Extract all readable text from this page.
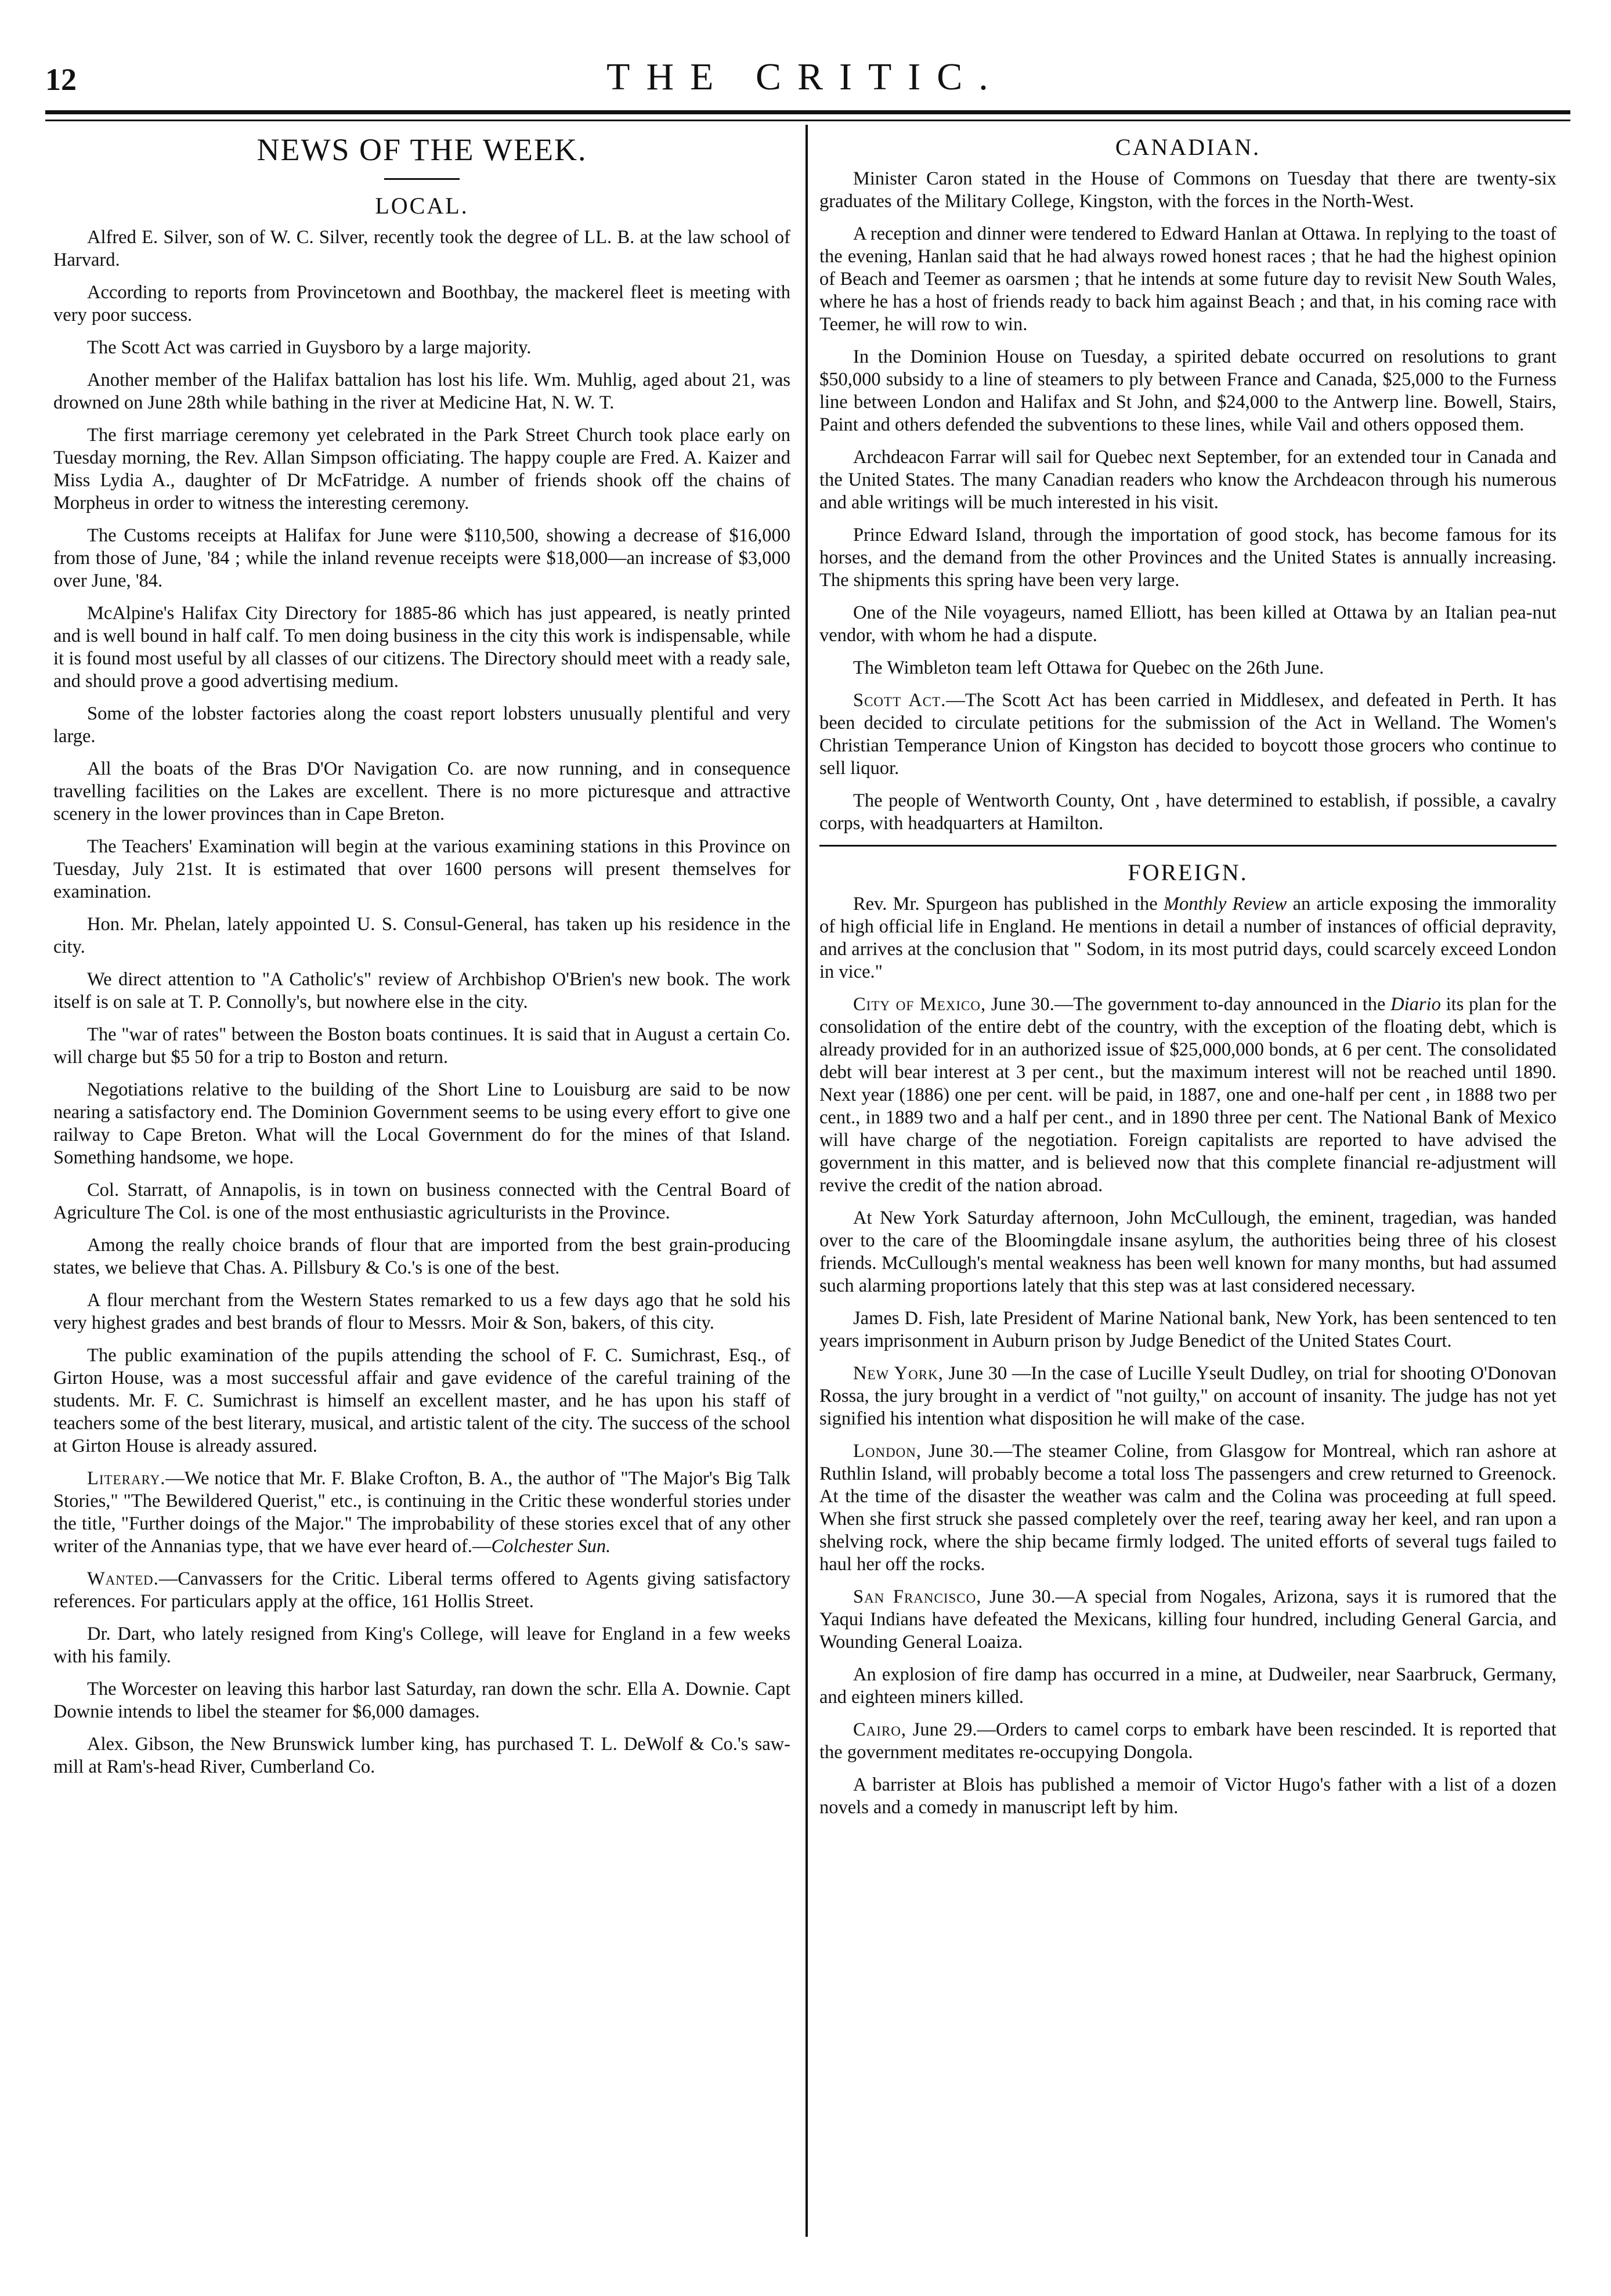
12	THE CRITIC.
NEWS OF THE WEEK.
LOCAL.

Alfred E. Silver, son of W. C. Silver, recently took the degree of LL. B. at the law school of Harvard.

According to reports from Provincetown and Boothbay, the mackerel fleet is meeting with very poor success.

The Scott Act was carried in Guysboro by a large majority.

Another member of the Halifax battalion has lost his life. Wm. Muhlig, aged about 21, was drowned on June 28th while bathing in the river at Medicine Hat, N. W. T.

The first marriage ceremony yet celebrated in the Park Street Church took place early on Tuesday morning, the Rev. Allan Simpson officiating. The happy couple are Fred. A. Kaizer and Miss Lydia A., daughter of Dr McFatridge. A number of friends shook off the chains of Morpheus in order to witness the interesting ceremony.

The Customs receipts at Halifax for June were $110,500, showing a decrease of $16,000 from those of June, '84 ; while the inland revenue receipts were $18,000—an increase of $3,000 over June, '84.

McAlpine's Halifax City Directory for 1885-86 which has just appeared, is neatly printed and is well bound in half calf. To men doing business in the city this work is indispensable, while it is found most useful by all classes of our citizens. The Directory should meet with a ready sale, and should prove a good advertising medium.

Some of the lobster factories along the coast report lobsters unusually plentiful and very large.

All the boats of the Bras D'Or Navigation Co. are now running, and in consequence travelling facilities on the Lakes are excellent. There is no more picturesque and attractive scenery in the lower provinces than in Cape Breton.

The Teachers' Examination will begin at the various examining stations in this Province on Tuesday, July 21st. It is estimated that over 1600 persons will present themselves for examination.

Hon. Mr. Phelan, lately appointed U. S. Consul-General, has taken up his residence in the city.

We direct attention to "A Catholic's" review of Archbishop O'Brien's new book. The work itself is on sale at T. P. Connolly's, but nowhere else in the city.

The "war of rates" between the Boston boats continues. It is said that in August a certain Co. will charge but $5 50 for a trip to Boston and return.

Negotiations relative to the building of the Short Line to Louisburg are said to be now nearing a satisfactory end. The Dominion Government seems to be using every effort to give one railway to Cape Breton. What will the Local Government do for the mines of that Island. Something handsome, we hope.

Col. Starratt, of Annapolis, is in town on business connected with the Central Board of Agriculture The Col. is one of the most enthusiastic agriculturists in the Province.

Among the really choice brands of flour that are imported from the best grain-producing states, we believe that Chas. A. Pillsbury & Co.'s is one of the best.

A flour merchant from the Western States remarked to us a few days ago that he sold his very highest grades and best brands of flour to Messrs. Moir & Son, bakers, of this city.

The public examination of the pupils attending the school of F. C. Sumichrast, Esq., of Girton House, was a most successful affair and gave evidence of the careful training of the students. Mr. F. C. Sumichrast is himself an excellent master, and he has upon his staff of teachers some of the best literary, musical, and artistic talent of the city. The success of the school at Girton House is already assured.

Literary.—We notice that Mr. F. Blake Crofton, B. A., the author of "The Major's Big Talk Stories," "The Bewildered Querist," etc., is continuing in the Critic these wonderful stories under the title, "Further doings of the Major." The improbability of these stories excel that of any other writer of the Annanias type, that we have ever heard of.—Colchester Sun.

Wanted.—Canvassers for the Critic. Liberal terms offered to Agents giving satisfactory references. For particulars apply at the office, 161 Hollis Street.

Dr. Dart, who lately resigned from King's College, will leave for England in a few weeks with his family.

The Worcester on leaving this harbor last Saturday, ran down the schr. Ella A. Downie. Capt Downie intends to libel the steamer for $6,000 damages.

Alex. Gibson, the New Brunswick lumber king, has purchased T. L. DeWolf & Co.'s saw-mill at Ram's-head River, Cumberland Co.

CANADIAN.

Minister Caron stated in the House of Commons on Tuesday that there are twenty-six graduates of the Military College, Kingston, with the forces in the North-West.

A reception and dinner were tendered to Edward Hanlan at Ottawa. In replying to the toast of the evening, Hanlan said that he had always rowed honest races ; that he had the highest opinion of Beach and Teemer as oarsmen ; that he intends at some future day to revisit New South Wales, where he has a host of friends ready to back him against Beach ; and that, in his coming race with Teemer, he will row to win.

In the Dominion House on Tuesday, a spirited debate occurred on resolutions to grant $50,000 subsidy to a line of steamers to ply between France and Canada, $25,000 to the Furness line between London and Halifax and St John, and $24,000 to the Antwerp line. Bowell, Stairs, Paint and others defended the subventions to these lines, while Vail and others opposed them.

Archdeacon Farrar will sail for Quebec next September, for an extended tour in Canada and the United States. The many Canadian readers who know the Archdeacon through his numerous and able writings will be much interested in his visit.

Prince Edward Island, through the importation of good stock, has become famous for its horses, and the demand from the other Provinces and the United States is annually increasing. The shipments this spring have been very large.

One of the Nile voyageurs, named Elliott, has been killed at Ottawa by an Italian pea-nut vendor, with whom he had a dispute.

The Wimbleton team left Ottawa for Quebec on the 26th June.

Scott Act.—The Scott Act has been carried in Middlesex, and defeated in Perth. It has been decided to circulate petitions for the submission of the Act in Welland. The Women's Christian Temperance Union of Kingston has decided to boycott those grocers who continue to sell liquor.

The people of Wentworth County, Ont , have determined to establish, if possible, a cavalry corps, with headquarters at Hamilton.

FOREIGN.

Rev. Mr. Spurgeon has published in the Monthly Review an article exposing the immorality of high official life in England. He mentions in detail a number of instances of official depravity, and arrives at the conclusion that " Sodom, in its most putrid days, could scarcely exceed London in vice."

City of Mexico, June 30.—The government to-day announced in the Diario its plan for the consolidation of the entire debt of the country, with the exception of the floating debt, which is already provided for in an authorized issue of $25,000,000 bonds, at 6 per cent. The consolidated debt will bear interest at 3 per cent., but the maximum interest will not be reached until 1890. Next year (1886) one per cent. will be paid, in 1887, one and one-half per cent , in 1888 two per cent., in 1889 two and a half per cent., and in 1890 three per cent. The National Bank of Mexico will have charge of the negotiation. Foreign capitalists are reported to have advised the government in this matter, and is believed now that this complete financial re-adjustment will revive the credit of the nation abroad.

At New York Saturday afternoon, John McCullough, the eminent, tragedian, was handed over to the care of the Bloomingdale insane asylum, the authorities being three of his closest friends. McCullough's mental weakness has been well known for many months, but had assumed such alarming proportions lately that this step was at last considered necessary.

James D. Fish, late President of Marine National bank, New York, has been sentenced to ten years imprisonment in Auburn prison by Judge Benedict of the United States Court.

New York, June 30 —In the case of Lucille Yseult Dudley, on trial for shooting O'Donovan Rossa, the jury brought in a verdict of "not guilty," on account of insanity. The judge has not yet signified his intention what disposition he will make of the case.

London, June 30.—The steamer Coline, from Glasgow for Montreal, which ran ashore at Ruthlin Island, will probably become a total loss The passengers and crew returned to Greenock. At the time of the disaster the weather was calm and the Colina was proceeding at full speed. When she first struck she passed completely over the reef, tearing away her keel, and ran upon a shelving rock, where the ship became firmly lodged. The united efforts of several tugs failed to haul her off the rocks.

San Francisco, June 30.—A special from Nogales, Arizona, says it is rumored that the Yaqui Indians have defeated the Mexicans, killing four hundred, including General Garcia, and Wounding General Loaiza.

An explosion of fire damp has occurred in a mine, at Dudweiler, near Saarbruck, Germany, and eighteen miners killed.

Cairo, June 29.—Orders to camel corps to embark have been rescinded. It is reported that the government meditates re-occupying Dongola.

A barrister at Blois has published a memoir of Victor Hugo's father with a list of a dozen novels and a comedy in manuscript left by him.
